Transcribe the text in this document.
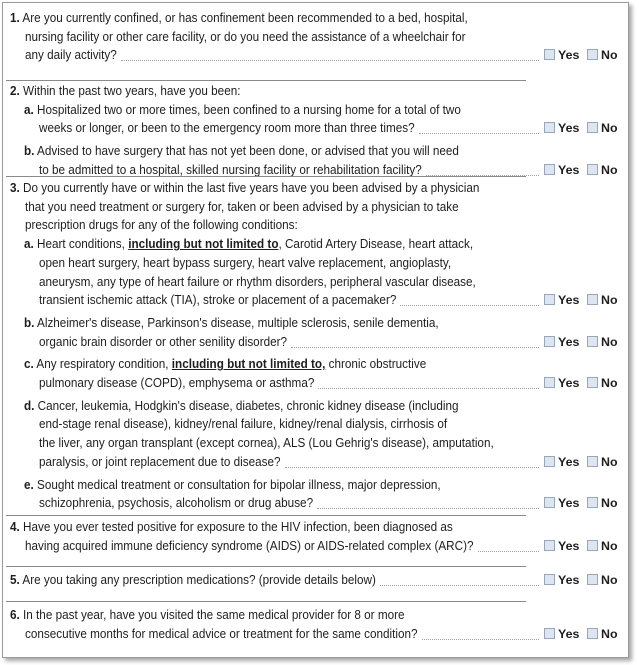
1. Are you currently confined, or has confinement been recommended to a bed, hospital,
nursing facility or other care facility, or do you need the assistance of a wheelchair for
any daily activity?
2. Within the past two years, have you been:
a. Hospitalized two or more times, been confined to a nursing home for a total of two
weeks or longer, or been to the emergency room more than three times?
b. Advised to have surgery that has not yet been done, or advised that you will need
to be admitted to a hospital, skilled nursing facility or rehabilitation facility?
3. Do you currently have or within the last five years have you been advised by a physician
that you need treatment or surgery for, taken or been advised by a physician to take
prescription drugs for any of the following conditions:
a. Heart conditions, including but not limited to, Carotid Artery Disease, heart attack,
open heart surgery, heart bypass surgery, heart valve replacement, angioplasty,
aneurysm, any type of heart failure or rhythm disorders, peripheral vascular disease,
transient ischemic attack (TIA), stroke or placement of a pacemaker?
b. Alzheimer's disease, Parkinson's disease, multiple sclerosis, senile dementia,
organic brain disorder or other senility disorder?
c. Any respiratory condition, including but not limited to, chronic obstructive
pulmonary disease (COPD), emphysema or asthma?
d. Cancer, leukemia, Hodgkin's disease, diabetes, chronic kidney disease (including
end-stage renal disease), kidney/renal failure, kidney/renal dialysis, cirrhosis of
the liver, any organ transplant (except cornea), ALS (Lou Gehrig's disease), amputation,
paralysis, or joint replacement due to disease?
e. Sought medical treatment or consultation for bipolar illness, major depression,
schizophrenia, psychosis, alcoholism or drug abuse?
4. Have you ever tested positive for exposure to the HIV infection, been diagnosed as
having acquired immune deficiency syndrome (AIDS) or AIDS-related complex (ARC)?
5. Are you taking any prescription medications? (provide details below)
6. In the past year, have you visited the same medical provider for 8 or more
consecutive months for medical advice or treatment for the same condition?
Yes No
Yes No
Yes No
Yes No
Yes No
Yes No
Yes No
Yes No
Yes No
Yes No
Yes No
